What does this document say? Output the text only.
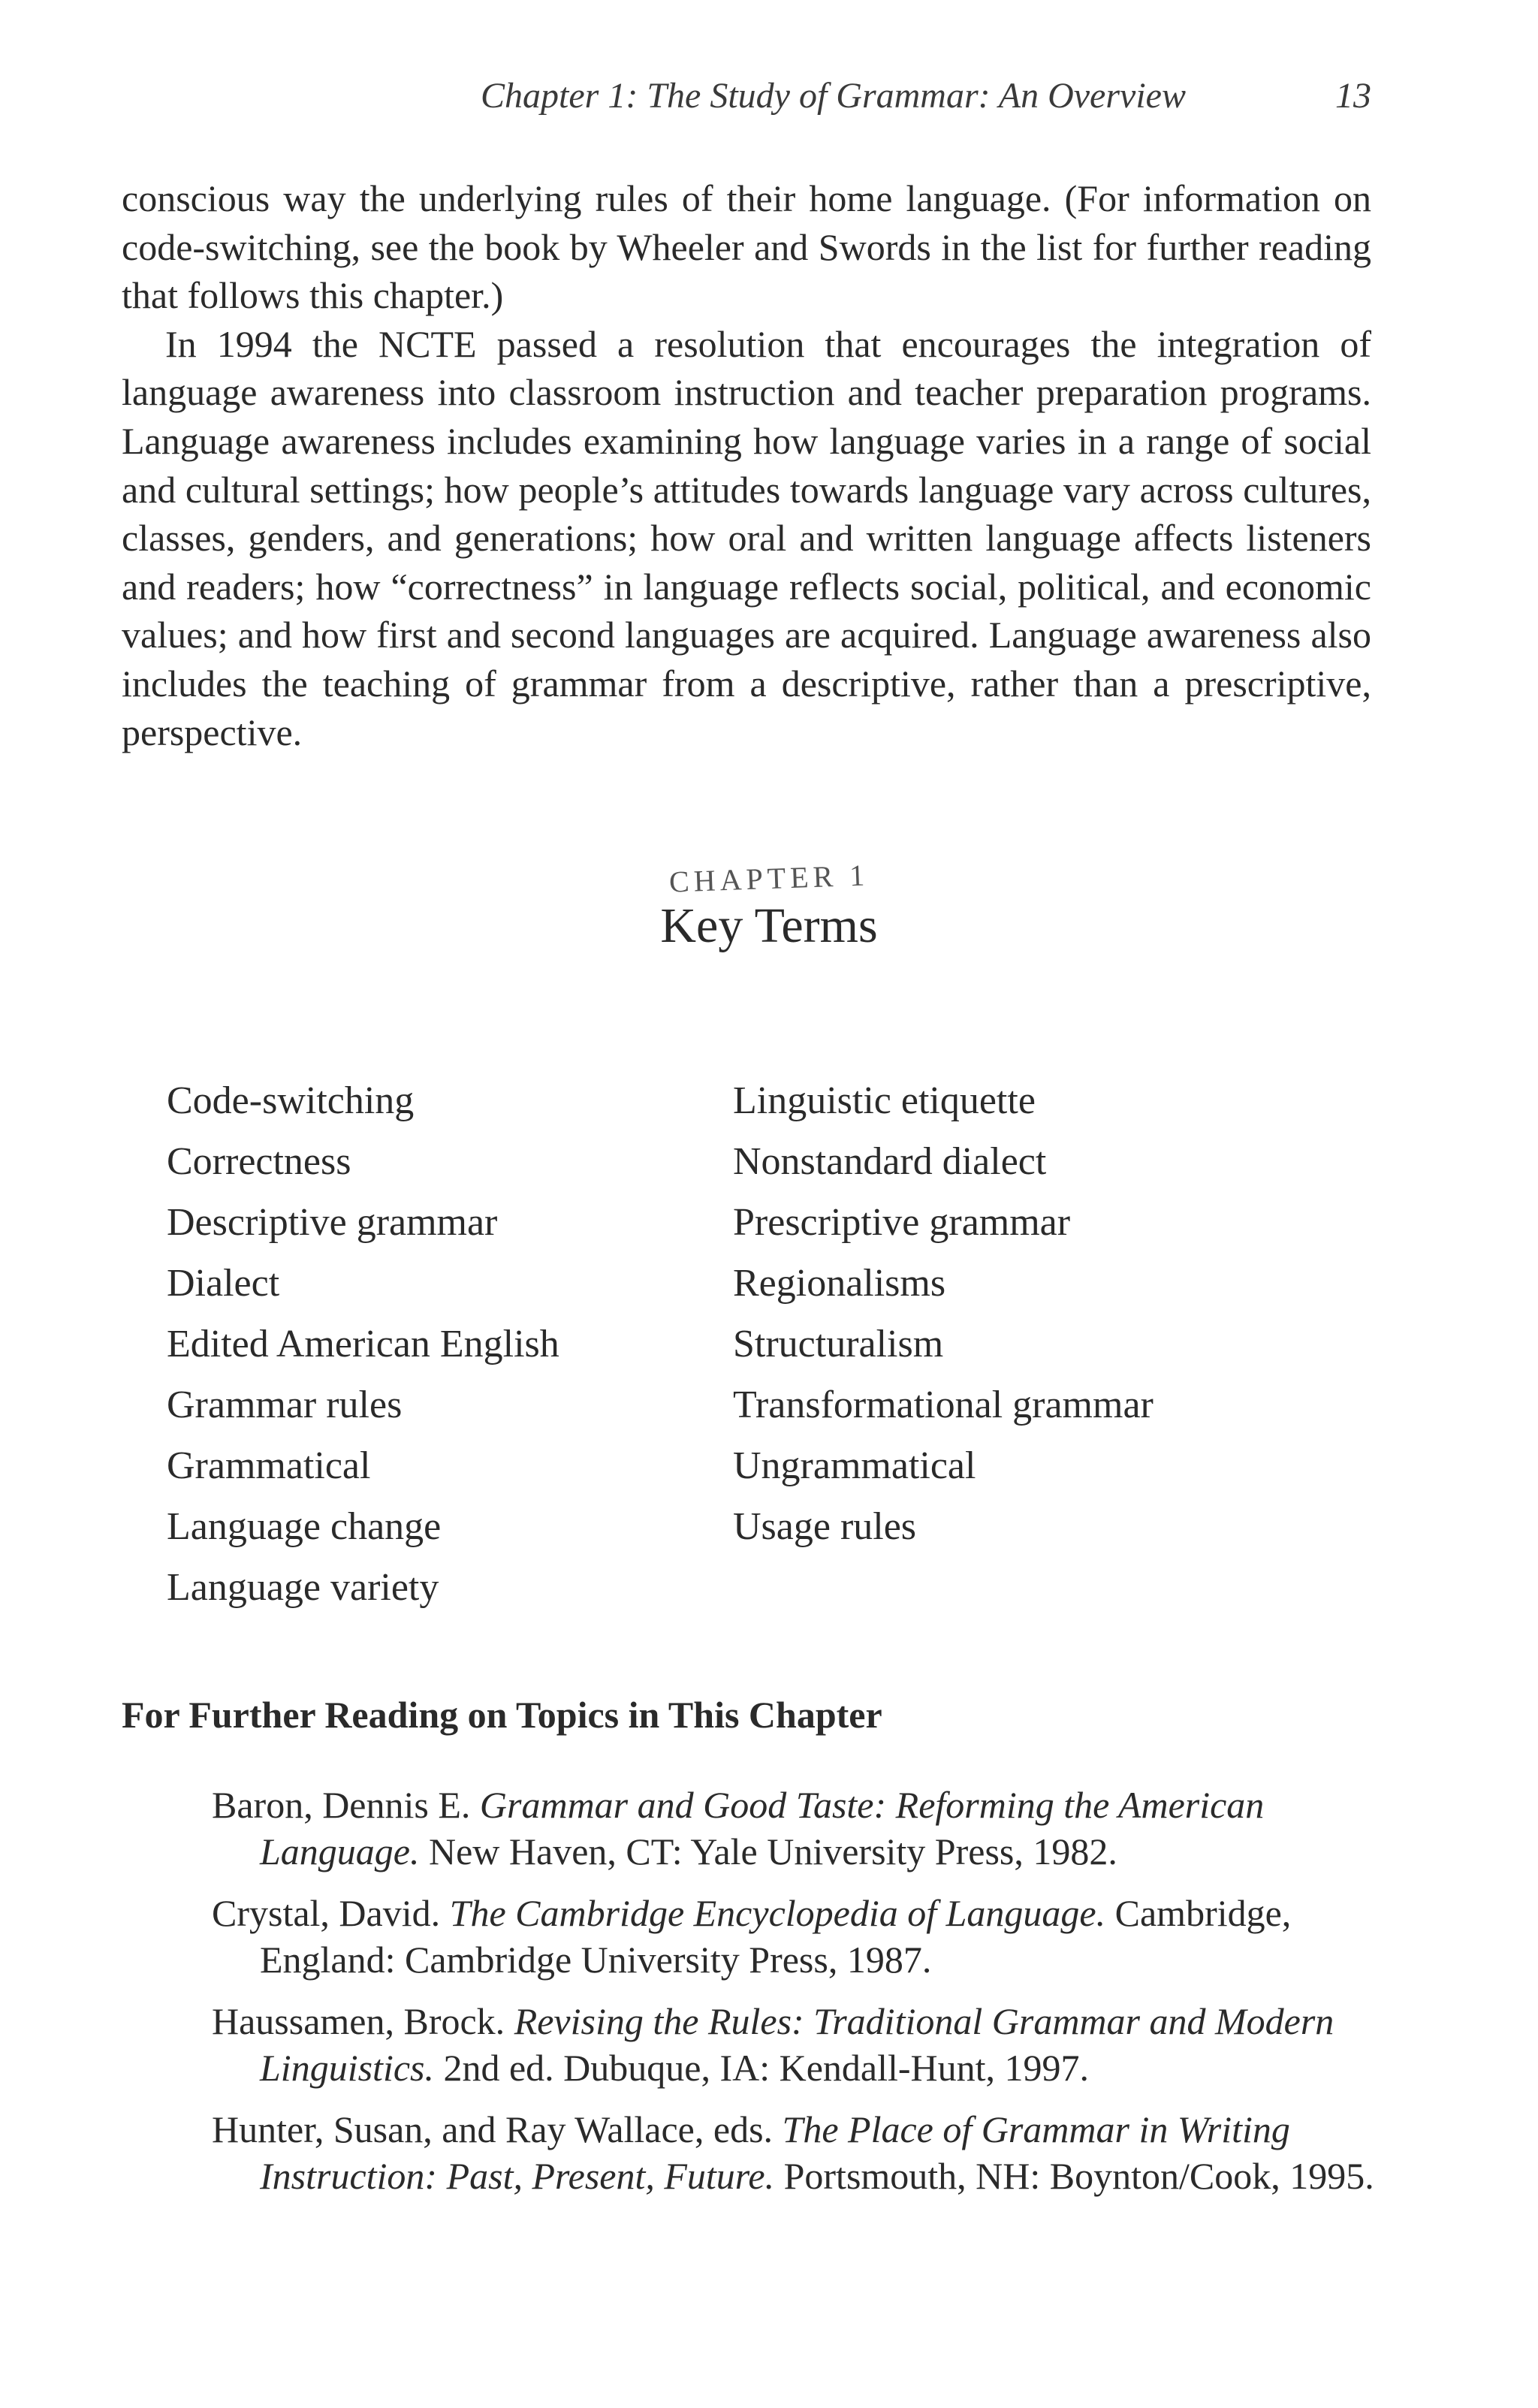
Chapter 1: The Study of Grammar: An Overview	13

conscious way the underlying rules of their home language. (For information on code-switching, see the book by Wheeler and Swords in the list for further reading that follows this chapter.)

In 1994 the NCTE passed a resolution that encourages the integration of language awareness into classroom instruction and teacher preparation programs. Language awareness includes examining how language varies in a range of social and cultural settings; how people’s attitudes towards language vary across cultures, classes, genders, and generations; how oral and written language affects listeners and readers; how “correctness” in language reflects social, political, and economic values; and how first and second languages are acquired. Language awareness also includes the teaching of grammar from a descriptive, rather than a prescriptive, perspective.

CHAPTER 1
Key Terms
Code-switching
Correctness
Descriptive grammar
Dialect
Edited American English
Grammar rules
Grammatical
Language change
Language variety
Linguistic etiquette
Nonstandard dialect
Prescriptive grammar
Regionalisms
Structuralism
Transformational grammar
Ungrammatical
Usage rules
For Further Reading on Topics in This Chapter

Baron, Dennis E. Grammar and Good Taste: Reforming the American Language. New Haven, CT: Yale University Press, 1982.

Crystal, David. The Cambridge Encyclopedia of Language. Cambridge, England: Cambridge University Press, 1987.

Haussamen, Brock. Revising the Rules: Traditional Grammar and Modern Linguistics. 2nd ed. Dubuque, IA: Kendall-Hunt, 1997.

Hunter, Susan, and Ray Wallace, eds. The Place of Grammar in Writing Instruction: Past, Present, Future. Portsmouth, NH: Boynton/Cook, 1995.
